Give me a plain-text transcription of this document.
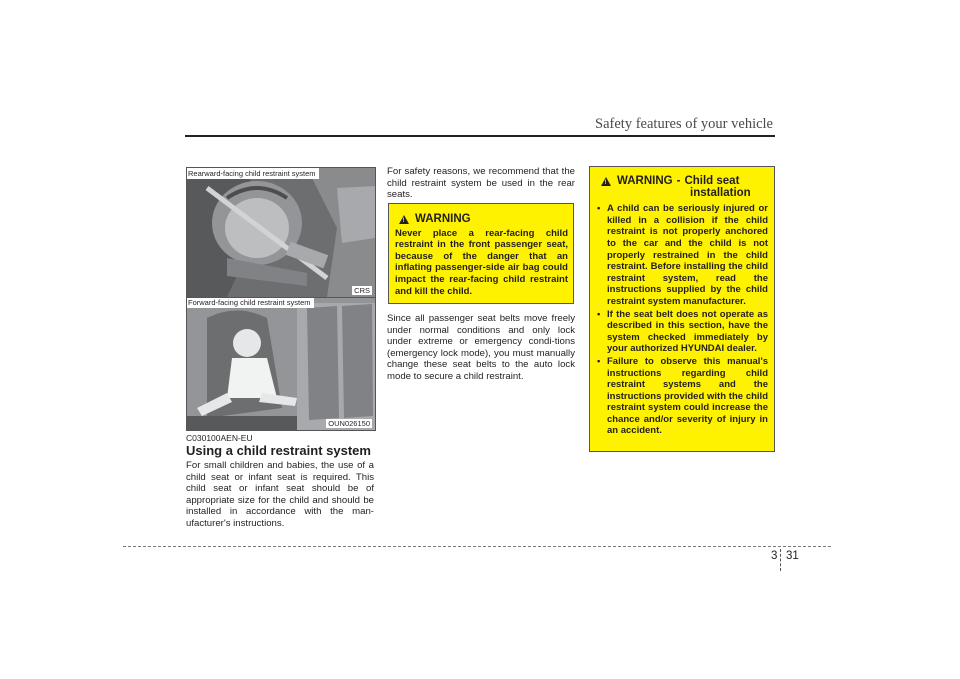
Safety features of your vehicle
Rearward-facing child restraint system
CRS
Forward-facing child restraint system
OUN026150
C030100AEN-EU
Using a child restraint system

For small children and babies, the use of a child seat or infant seat is required. This child seat or infant seat should be of appropriate size for the child and should be installed in accordance with the man-ufacturer's instructions.

For safety reasons, we recommend that the child restraint system be used in the rear seats.

!
WARNING
Never place a rear-facing child restraint in the front passenger seat, because of the danger that an inflating passenger-side air bag could impact the rear-facing child restraint and kill the child.

Since all passenger seat belts move freely under normal conditions and only lock under extreme or emergency condi-tions (emergency lock mode), you must manually change these seat belts to the auto lock mode to secure a child restraint.

!
WARNING - Child seat
installation
• A child can be seriously injured or killed in a collision if the child restraint is not properly anchored to the car and the child is not properly restrained in the child restraint. Before installing the child restraint system, read the instructions supplied by the child restraint system manufacturer.
• If the seat belt does not operate as described in this section, have the system checked immediately by your authorized HYUNDAI dealer.
• Failure to observe this manual's instructions regarding child restraint systems and the instructions provided with the child restraint system could increase the chance and/or severity of injury in an accident.
3 31
